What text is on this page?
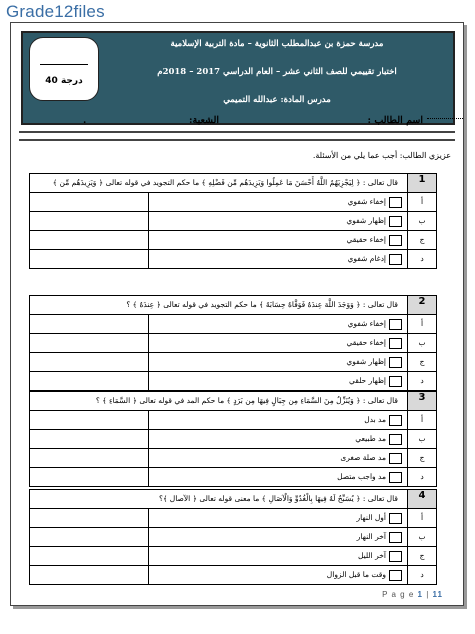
Grade12files
40 درجة
مدرسة حمزة بن عبدالمطلب الثانوية – مادة التربية الإسلامية
اختبار تقييمي للصف الثاني عشر – العام الدراسي 2017 – 2018م
مدرس المادة: عبدالله التميمي
اسم الطالب :
الشعبة:
.
عزيزي الطالب: أجب عما يلي من الأسئلة.
1
قال تعالى : ﴿ لِيَجْزِيَهُمُ اللَّهُ أَحْسَنَ مَا عَمِلُوا وَيَزِيدَهُم مِّن فَضْلِهِ ﴾ ما حكم التجويد في قوله تعالى ﴿ وَيَزِيدَهُم مِّن ﴾
أ
إخفاء شفوي
ب
إظهار شفوي
ج
إخفاء حقيقي
د
إدغام شفوي
2
قال تعالى : ﴿ وَوَجَدَ اللَّهَ عِندَهُ فَوَفَّاهُ حِسَابَهُ ﴾ ما حكم التجويد في قوله تعالى ﴿ عِندَهُ ﴾ ؟
أ
إخفاء شفوي
ب
إخفاء حقيقي
ج
إظهار شفوي
د
إظهار حلقي
3
قال تعالى : ﴿ وَيُنَزِّلُ مِنَ السَّمَاءِ مِن جِبَالٍ فِيهَا مِن بَرَدٍ ﴾ ما حكم المد في قوله تعالى ﴿ السَّمَاءِ ﴾ ؟
أ
مد بدل
ب
مد طبيعي
ج
مد صلة صغرى
د
مد واجب متصل
4
قال تعالى : ﴿ يُسَبِّحُ لَهُ فِيهَا بِالْغُدُوِّ وَالْآصَالِ ﴾ ما معنى قوله تعالى ﴿ الآصال ﴾؟
أ
أول النهار
ب
آخر النهار
ج
آخر الليل
د
وقت ما قبل الزوال
P a g e 1 | 11
